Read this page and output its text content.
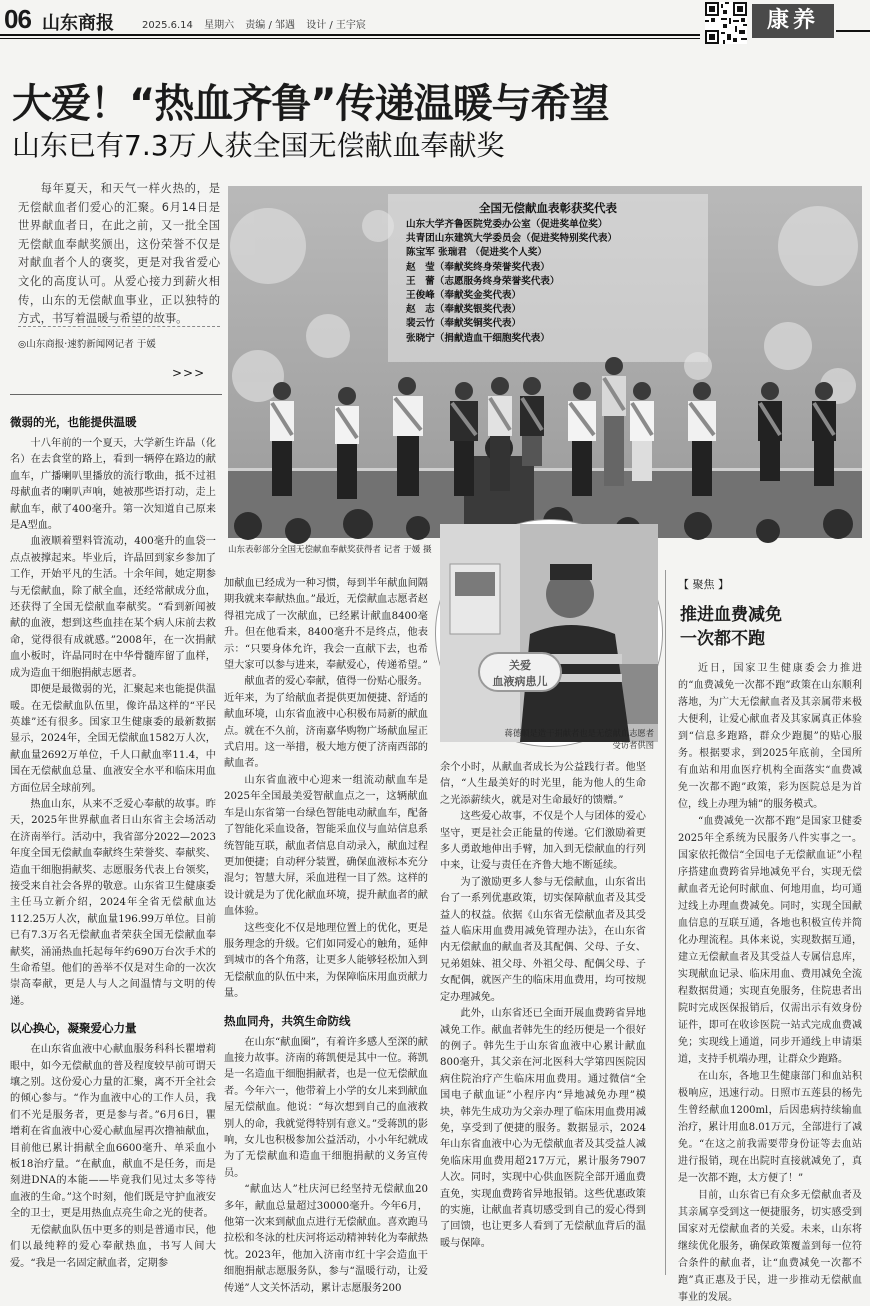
06 山东商报	2025.6.14 星期六 责编 / 邹遇 设计 / 王宇宸	康养
大爱！“热血齐鲁”传递温暖与希望
山东已有7.3万人获全国无偿献血奉献奖
每年夏天，和天气一样火热的，是无偿献血者们爱心的汇聚。6月14日是世界献血者日，在此之前，又一批全国无偿献血奉献奖颁出，这份荣誉不仅是对献血者个人的褒奖，更是对我省爱心文化的高度认可。从爱心接力到薪火相传，山东的无偿献血事业，正以独特的方式，书写着温暖与希望的故事。
◎山东商报·速豹新闻网记者 于媛
>>>
全国无偿献血表彰获奖代表
山东大学齐鲁医院党委办公室（促进奖单位奖）
共青团山东建筑大学委员会（促进奖特别奖代表）
陈宝军 张瑞君 （促进奖个人奖）
赵　莹（奉献奖终身荣誉奖代表）
王　蕾（志愿服务终身荣誉奖代表）
王俊峰（奉献奖金奖代表）
赵　志（奉献奖银奖代表）
裴云竹（奉献奖铜奖代表）
张晓宁（捐献造血干细胞奖代表）
山东表彰部分全国无偿献血奉献奖获得者 记者 于媛 摄
微弱的光，也能提供温暖

十八年前的一个夏天，大学新生许晶（化名）在去食堂的路上，看到一辆停在路边的献血车，广播喇叭里播放的流行歌曲，抵不过祖母献血者的喇叭声响，她被那些语打动，走上献血车，献了400毫升。第一次知道自己原来是A型血。

血液顺着塑料管流动，400毫升的血袋一点点被撑起来。毕业后，许晶回到家乡参加了工作，开始平凡的生活。十余年间，她定期参与无偿献血，除了献全血，还经常献成分血，还获得了全国无偿献血奉献奖。“看到新闻被献的血液，想到这些血挂在某个病人床前去救命，觉得很有成就感。”2008年，在一次捐献血小板时，许晶同时在中华骨髓库留了血样，成为造血干细胞捐献志愿者。

即便是最微弱的光，汇聚起来也能提供温暖。在无偿献血队伍里，像许晶这样的“平民英雄”还有很多。国家卫生健康委的最新数据显示，2024年，全国无偿献血1582万人次，献血量2692万单位，千人口献血率11.4，中国在无偿献血总量、血液安全水平和临床用血方面位居全球前列。

热血山东，从来不乏爱心奉献的故事。昨天，2025年世界献血者日山东省主会场活动在济南举行。活动中，我省部分2022—2023年度全国无偿献血奉献终生荣誉奖、奉献奖、造血干细胞捐献奖、志愿服务代表上台领奖，接受来自社会各界的敬意。山东省卫生健康委主任马立新介绍，2024年全省无偿献血达112.25万人次，献血量196.99万单位。目前已有7.3万名无偿献血者荣获全国无偿献血奉献奖，涌涌热血托起每年约690万台次手术的生命希望。他们的善举不仅是对生命的一次次崇高奉献，更是人与人之间温情与文明的传递。

以心换心，凝聚爱心力量

在山东省血液中心献血服务科科长瞿增莉眼中，如今无偿献血的普及程度较早前可谓天壤之别。这份爱心力量的汇聚，离不开全社会的倾心参与。“作为血液中心的工作人员，我们不光是服务者，更是参与者。”6月6日，瞿增莉在省血液中心爱心献血屋再次撸袖献血，目前他已累计捐献全血6600毫升、单采血小板18治疗量。“在献血，献血不是任务，而是刻进DNA的本能——毕竟我们见过太多等待血液的生命。”这个时刻，他们既是守护血液安全的卫士，更是用热血点亮生命之光的使者。

无偿献血队伍中更多的则是普通市民，他们以最纯粹的爱心奉献热血，书写人间大爱。“我是一名固定献血者，定期参

加献血已经成为一种习惯，每到半年献血间隔期我就来奉献热血。”最近，无偿献血志愿者赵得祖完成了一次献血，已经累计献血8400毫升。但在他看来，8400毫升不是终点，他表示：“只要身体允许，我会一直献下去，也希望大家可以参与进来，奉献爱心，传递希望。”

献血者的爱心奉献，值得一份贴心服务。近年来，为了给献血者提供更加便捷、舒适的献血环境，山东省血液中心积极布局新的献血点。就在不久前，济南嘉华购物广场献血屋正式启用。这一举措，极大地方便了济南西部的献血者。

山东省血液中心迎来一组流动献血车是2025年全国最美爱智献血点之一，这辆献血车是山东省第一台绿色智能电动献血车，配备了智能化采血设备，智能采血仪与血站信息系统智能互联，献血者信息自动录入，献血过程更加便捷；自动秤分装置，确保血液标本充分混匀；智慧大屏，采血进程一目了然。这样的设计就是为了优化献血环境，提升献血者的献血体验。

这些变化不仅是地理位置上的优化，更是服务理念的升级。它们如同爱心的触角，延伸到城市的各个角落，让更多人能够轻松加入到无偿献血的队伍中来，为保障临床用血贡献力量。

热血同舟，共筑生命防线

在山东“献血圈”，有着许多感人至深的献血接力故事。济南的蒋凯便是其中一位。蒋凯是一名造血干细胞捐献者，也是一位无偿献血者。今年六一，他带着上小学的女儿来到献血屋无偿献血。他说：“每次想到自己的血液救别人的命，我就觉得特别有意义。”受蒋凯的影响，女儿也积极参加公益活动，小小年纪就成为了无偿献血和造血干细胞捐献的义务宣传员。

“献血达人”杜庆河已经坚持无偿献血20多年，献血总量超过30000毫升。今年6月，他第一次来到献血点进行无偿献血。喜欢跑马拉松和冬泳的杜庆河将运动精神转化为奉献热忱。2023年，他加入济南市红十字会造血干细胞捐献志愿服务队，参与“温暖行动，让爱传递”人文关怀活动，累计志愿服务200

关爱
血液病患儿
蒋德顺是造干捐献者也是无偿献血志愿者
受访者供图

余个小时，从献血者成长为公益践行者。他坚信，“人生最美好的时光里，能为他人的生命之光添薪续火，就是对生命最好的馈赠。”

这些爱心故事，不仅是个人与团体的爱心坚守，更是社会正能量的传递。它们激励着更多人勇敢地伸出手臂，加入到无偿献血的行列中来，让爱与责任在齐鲁大地不断延续。

为了激励更多人参与无偿献血，山东省出台了一系列优惠政策，切实保障献血者及其受益人的权益。依据《山东省无偿献血者及其受益人临床用血费用减免管理办法》，在山东省内无偿献血的献血者及其配偶、父母、子女、兄弟姐妹、祖父母、外祖父母、配偶父母、子女配偶，就医产生的临床用血费用，均可按规定办理减免。

此外，山东省还已全面开展血费跨省异地减免工作。献血者韩先生的经历便是一个很好的例子。韩先生于山东省血液中心累计献血800毫升，其父亲在河北医科大学第四医院因病住院治疗产生临床用血费用。通过微信“全国电子献血证”小程序内“异地减免办理”模块，韩先生成功为父亲办理了临床用血费用减免，享受到了便捷的服务。数据显示，2024年山东省血液中心为无偿献血者及其受益人减免临床用血费用超217万元，累计服务7907人次。同时，实现中心供血医院全部开通血费直免，实现血费跨省异地报销。这些优惠政策的实施，让献血者真切感受到自己的爱心得到了回馈，也让更多人看到了无偿献血背后的温暖与保障。

【 聚焦 】
推进血费减免
一次都不跑

近日，国家卫生健康委会力推进的“血费减免一次都不跑”政策在山东顺利落地，为广大无偿献血者及其亲属带来极大便利，让爱心献血者及其家属真正体验到“信息多跑路，群众少跑腿”的贴心服务。根据要求，到2025年底前，全国所有血站和用血医疗机构全面落实“血费减免一次都不跑”政策，彩为医院总是为首位，线上办理为辅”的服务模式。

“血费减免一次都不跑”是国家卫健委2025年全系统为民服务八件实事之一。国家依托微信“全国电子无偿献血证”小程序搭建血费跨省异地减免平台，实现无偿献血者无论何时献血、何地用血，均可通过线上办理血费减免。同时，实现全国献血信息的互联互通，各地也积极宣传并简化办理流程。具体来说，实现数据互通，建立无偿献血者及其受益人专属信息库，实现献血记录、临床用血、费用减免全流程数据贯通；实现直免服务，住院患者出院时完成医保报销后，仅需出示有效身份证件，即可在收诊医院一站式完成血费减免；实现线上通道，同步开通线上申请渠道，支持手机端办理，让群众少跑路。

在山东，各地卫生健康部门和血站积极响应，迅速行动。日照市五莲县的杨先生曾经献血1200ml，后因患病持续输血治疗，累计用血8.01万元，全部进行了减免。“在这之前我需要带身份证等去血站进行报销，现在出院时直接就减免了，真是一次都不跑，太方便了！”

目前，山东省已有众多无偿献血者及其亲属享受到这一便捷服务，切实感受到国家对无偿献血者的关爱。未来，山东将继续优化服务，确保政策覆盖到每一位符合条件的献血者，让“血费减免一次都不跑”真正惠及于民，进一步推动无偿献血事业的发展。
